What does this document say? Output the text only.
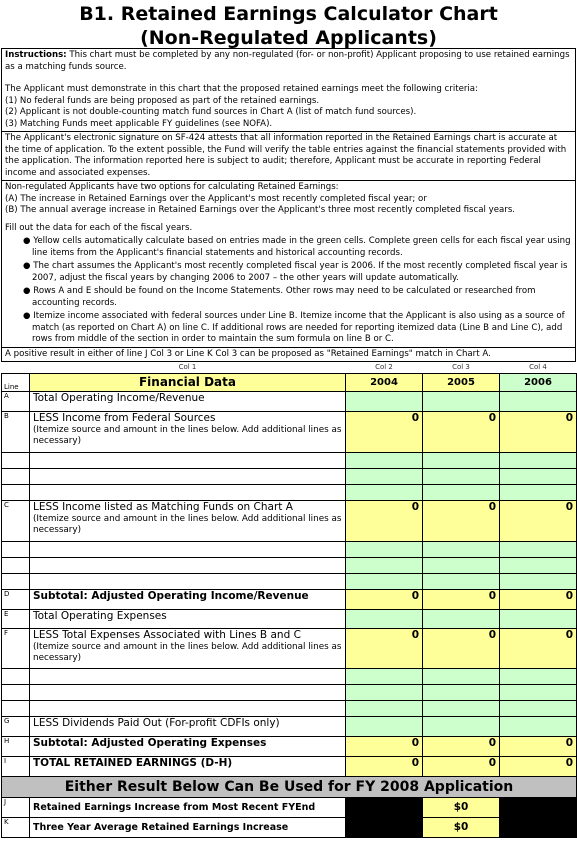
B1. Retained Earnings Calculator Chart
(Non-Regulated Applicants)

Instructions: This chart must be completed by any non-regulated (for- or non-profit) Applicant proposing to use retained earnings as a matching funds source.

The Applicant must demonstrate in this chart that the proposed retained earnings meet the following criteria:

(1) No federal funds are being proposed as part of the retained earnings.

(2) Applicant is not double-counting match fund sources in Chart A (list of match fund sources).

(3) Matching Funds meet applicable FY guidelines (see NOFA).

The Applicant's electronic signature on SF-424 attests that all information reported in the Retained Earnings chart is accurate at the time of application. To the extent possible, the Fund will verify the table entries against the financial statements provided with the application. The information reported here is subject to audit; therefore, Applicant must be accurate in reporting Federal income and associated expenses.

Non-regulated Applicants have two options for calculating Retained Earnings:

(A) The increase in Retained Earnings over the Applicant's most recently completed fiscal year; or

(B) The annual average increase in Retained Earnings over the Applicant's three most recently completed fiscal years.

Fill out the data for each of the fiscal years.

● Yellow cells automatically calculate based on entries made in the green cells. Complete green cells for each fiscal year using line items from the Applicant's financial statements and historical accounting records.

● The chart assumes the Applicant's most recently completed fiscal year is 2006. If the most recently completed fiscal year is 2007, adjust the fiscal years by changing 2006 to 2007 – the other years will update automatically.

● Rows A and E should be found on the Income Statements. Other rows may need to be calculated or researched from accounting records.

● Itemize income associated with federal sources under Line B. Itemize income that the Applicant is also using as a source of match (as reported on Chart A) on line C. If additional rows are needed for reporting itemized data (Line B and Line C), add rows from middle of the section in order to maintain the sum formula on line B or C.

A positive result in either of line J Col 3 or Line K Col 3 can be proposed as "Retained Earnings" match in Chart A.

	Col 1	Col 2	Col 3	Col 4
Line	Financial Data	2004	2005	2006
A	Total Operating Income/Revenue			
B	LESS Income from Federal Sources
(Itemize source and amount in the lines below. Add additional lines as necessary)	0	0	0

C	LESS Income listed as Matching Funds on Chart A
(Itemize source and amount in the lines below. Add additional lines as necessary)	0	0	0

D	Subtotal: Adjusted Operating Income/Revenue	0	0	0
E	Total Operating Expenses			
F	LESS Total Expenses Associated with Lines B and C
(Itemize source and amount in the lines below. Add additional lines as necessary)	0	0	0

G	LESS Dividends Paid Out (For-profit CDFIs only)			
H	Subtotal: Adjusted Operating Expenses	0	0	0
I	TOTAL RETAINED EARNINGS (D-H)	0	0	0
Either Result Below Can Be Used for FY 2008 Application				
J	Retained Earnings Increase from Most Recent FYEnd		$0	
K	Three Year Average Retained Earnings Increase		$0	
